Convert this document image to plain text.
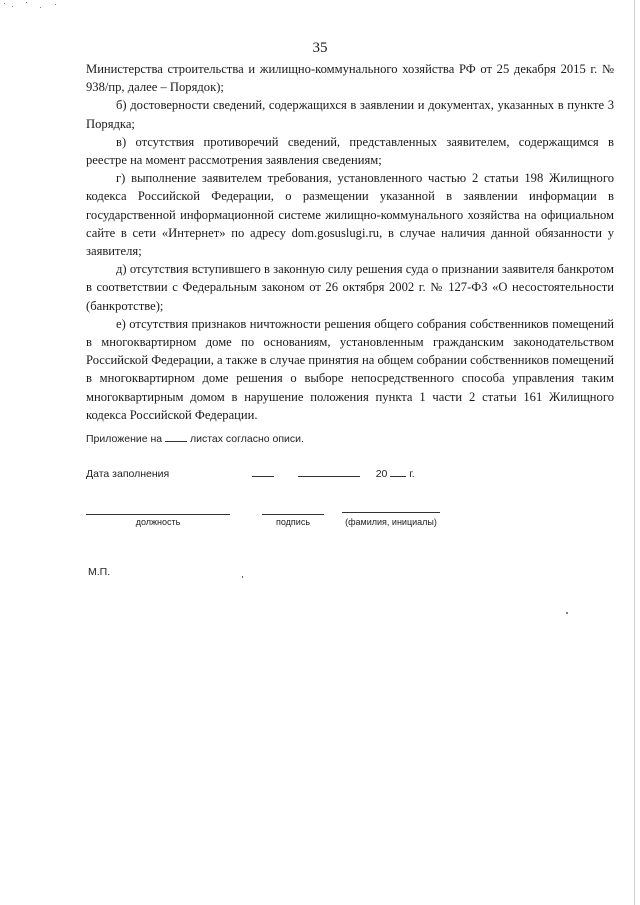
35

Министерства строительства и жилищно-коммунального хозяйства РФ от 25 декабря 2015 г. № 938/пр, далее – Порядок);

б) достоверности сведений, содержащихся в заявлении и документах, указанных в пункте 3 Порядка;

в) отсутствия противоречий сведений, представленных заявителем, содержащимся в реестре на момент рассмотрения заявления сведениям;

г) выполнение заявителем требования, установленного частью 2 статьи 198 Жилищного кодекса Российской Федерации, о размещении указанной в заявлении информации в государственной информационной системе жилищно-коммунального хозяйства на официальном сайте в сети «Интернет» по адресу dom.gosuslugi.ru, в случае наличия данной обязанности у заявителя;

д) отсутствия вступившего в законную силу решения суда о признании заявителя банкротом в соответствии с Федеральным законом от 26 октября 2002 г. № 127-ФЗ «О несостоятельности (банкротстве);

е) отсутствия признаков ничтожности решения общего собрания собственников помещений в многоквартирном доме по основаниям, установленным гражданским законодательством Российской Федерации, а также в случае принятия на общем собрании собственников помещений в многоквартирном доме решения о выборе непосредственного способа управления таким многоквартирным домом в нарушение положения пункта 1 части 2 статьи 161 Жилищного кодекса Российской Федерации.

Приложение на	листах согласно описи.
Дата заполнения	20 г.
должность	подпись	(фамилия, инициалы)
М.П.
